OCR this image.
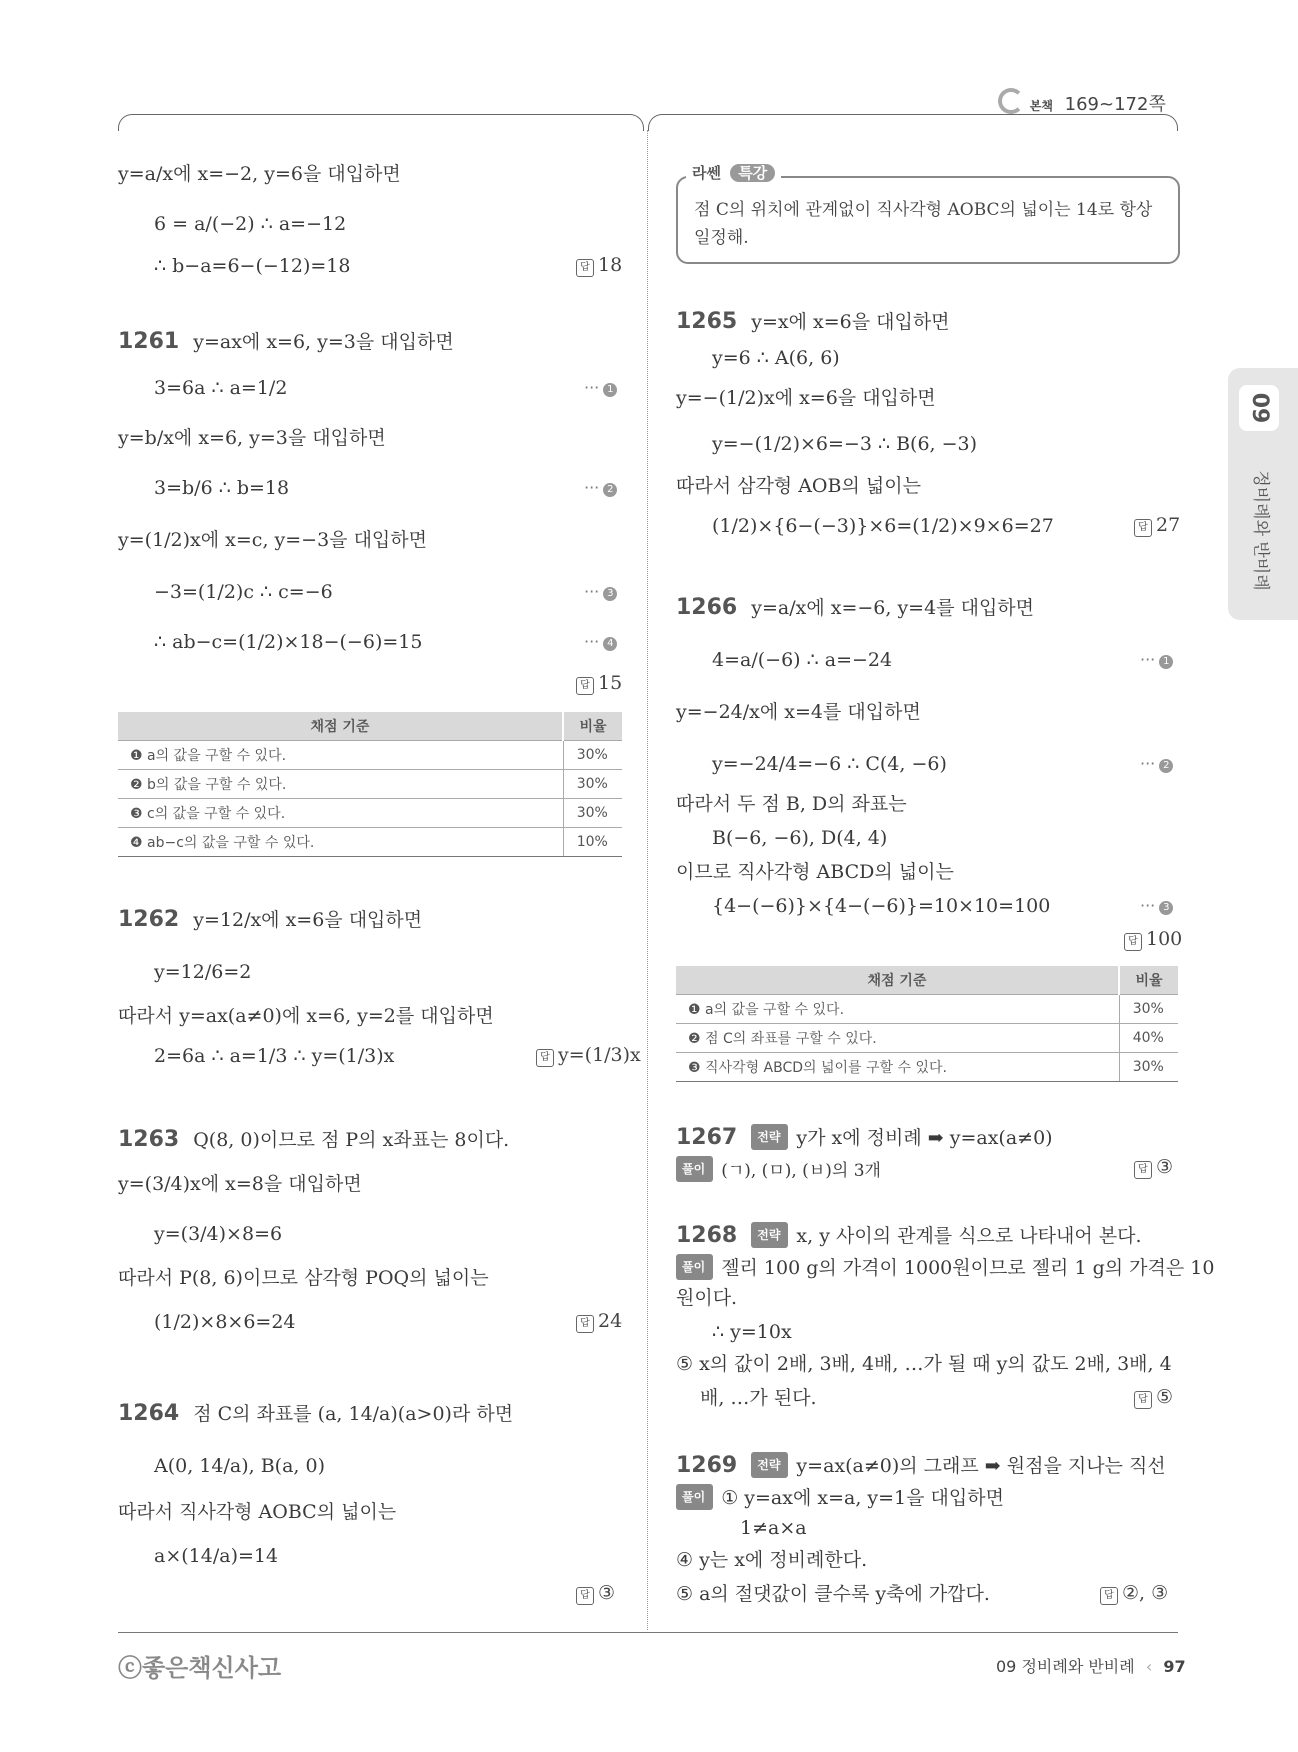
본책 169~172쪽
09
정비례와 반비례
y=a/x에 x=−2, y=6을 대입하면
6 = a/(−2) ∴ a=−12
∴ b−a=6−(−12)=18	답 18
1261 y=ax에 x=6, y=3을 대입하면
3=6a ∴ a=1/2	··· 1
y=b/x에 x=6, y=3을 대입하면
3=b/6 ∴ b=18	··· 2
y=(1/2)x에 x=c, y=−3을 대입하면
−3=(1/2)c ∴ c=−6	··· 3
∴ ab−c=(1/2)×18−(−6)=15	··· 4
답 15
채점 기준	비율
❶ a의 값을 구할 수 있다.	30%
❷ b의 값을 구할 수 있다.	30%
❸ c의 값을 구할 수 있다.	30%
❹ ab−c의 값을 구할 수 있다.	10%
1262 y=12/x에 x=6을 대입하면
y=12/6=2
따라서 y=ax(a≠0)에 x=6, y=2를 대입하면
2=6a ∴ a=1/3 ∴ y=(1/3)x	답 y=(1/3)x
1263 Q(8, 0)이므로 점 P의 x좌표는 8이다.
y=(3/4)x에 x=8을 대입하면
y=(3/4)×8=6
따라서 P(8, 6)이므로 삼각형 POQ의 넓이는
(1/2)×8×6=24	답 24
1264 점 C의 좌표를 (a, 14/a)(a>0)라 하면
A(0, 14/a), B(a, 0)
따라서 직사각형 AOBC의 넓이는
a×(14/a)=14
답 ③
라쎈 특강
점 C의 위치에 관계없이 직사각형 AOBC의 넓이는 14로 항상 일정해.
1265 y=x에 x=6을 대입하면
y=6 ∴ A(6, 6)
y=−(1/2)x에 x=6을 대입하면
y=−(1/2)×6=−3 ∴ B(6, −3)
따라서 삼각형 AOB의 넓이는
(1/2)×{6−(−3)}×6=(1/2)×9×6=27	답 27
1266 y=a/x에 x=−6, y=4를 대입하면
4=a/(−6) ∴ a=−24	··· 1
y=−24/x에 x=4를 대입하면
y=−24/4=−6 ∴ C(4, −6)	··· 2
따라서 두 점 B, D의 좌표는
B(−6, −6), D(4, 4)
이므로 직사각형 ABCD의 넓이는
{4−(−6)}×{4−(−6)}=10×10=100	··· 3
답 100
채점 기준	비율
❶ a의 값을 구할 수 있다.	30%
❷ 점 C의 좌표를 구할 수 있다.	40%
❸ 직사각형 ABCD의 넓이를 구할 수 있다.	30%
1267 전략 y가 x에 정비례 ➡ y=ax(a≠0)
풀이 (ㄱ), (ㅁ), (ㅂ)의 3개	답 ③
1268 전략 x, y 사이의 관계를 식으로 나타내어 본다.
풀이 젤리 100 g의 가격이 1000원이므로 젤리 1 g의 가격은 10
원이다.
∴ y=10x
⑤ x의 값이 2배, 3배, 4배, …가 될 때 y의 값도 2배, 3배, 4
배, …가 된다.	답 ⑤
1269 전략 y=ax(a≠0)의 그래프 ➡ 원점을 지나는 직선
풀이 ① y=ax에 x=a, y=1을 대입하면
1≠a×a
④ y는 x에 정비례한다.
⑤ a의 절댓값이 클수록 y축에 가깝다.	답 ②, ③
ⓒ좋은책신사고	09 정비례와 반비례 ‹ 97
